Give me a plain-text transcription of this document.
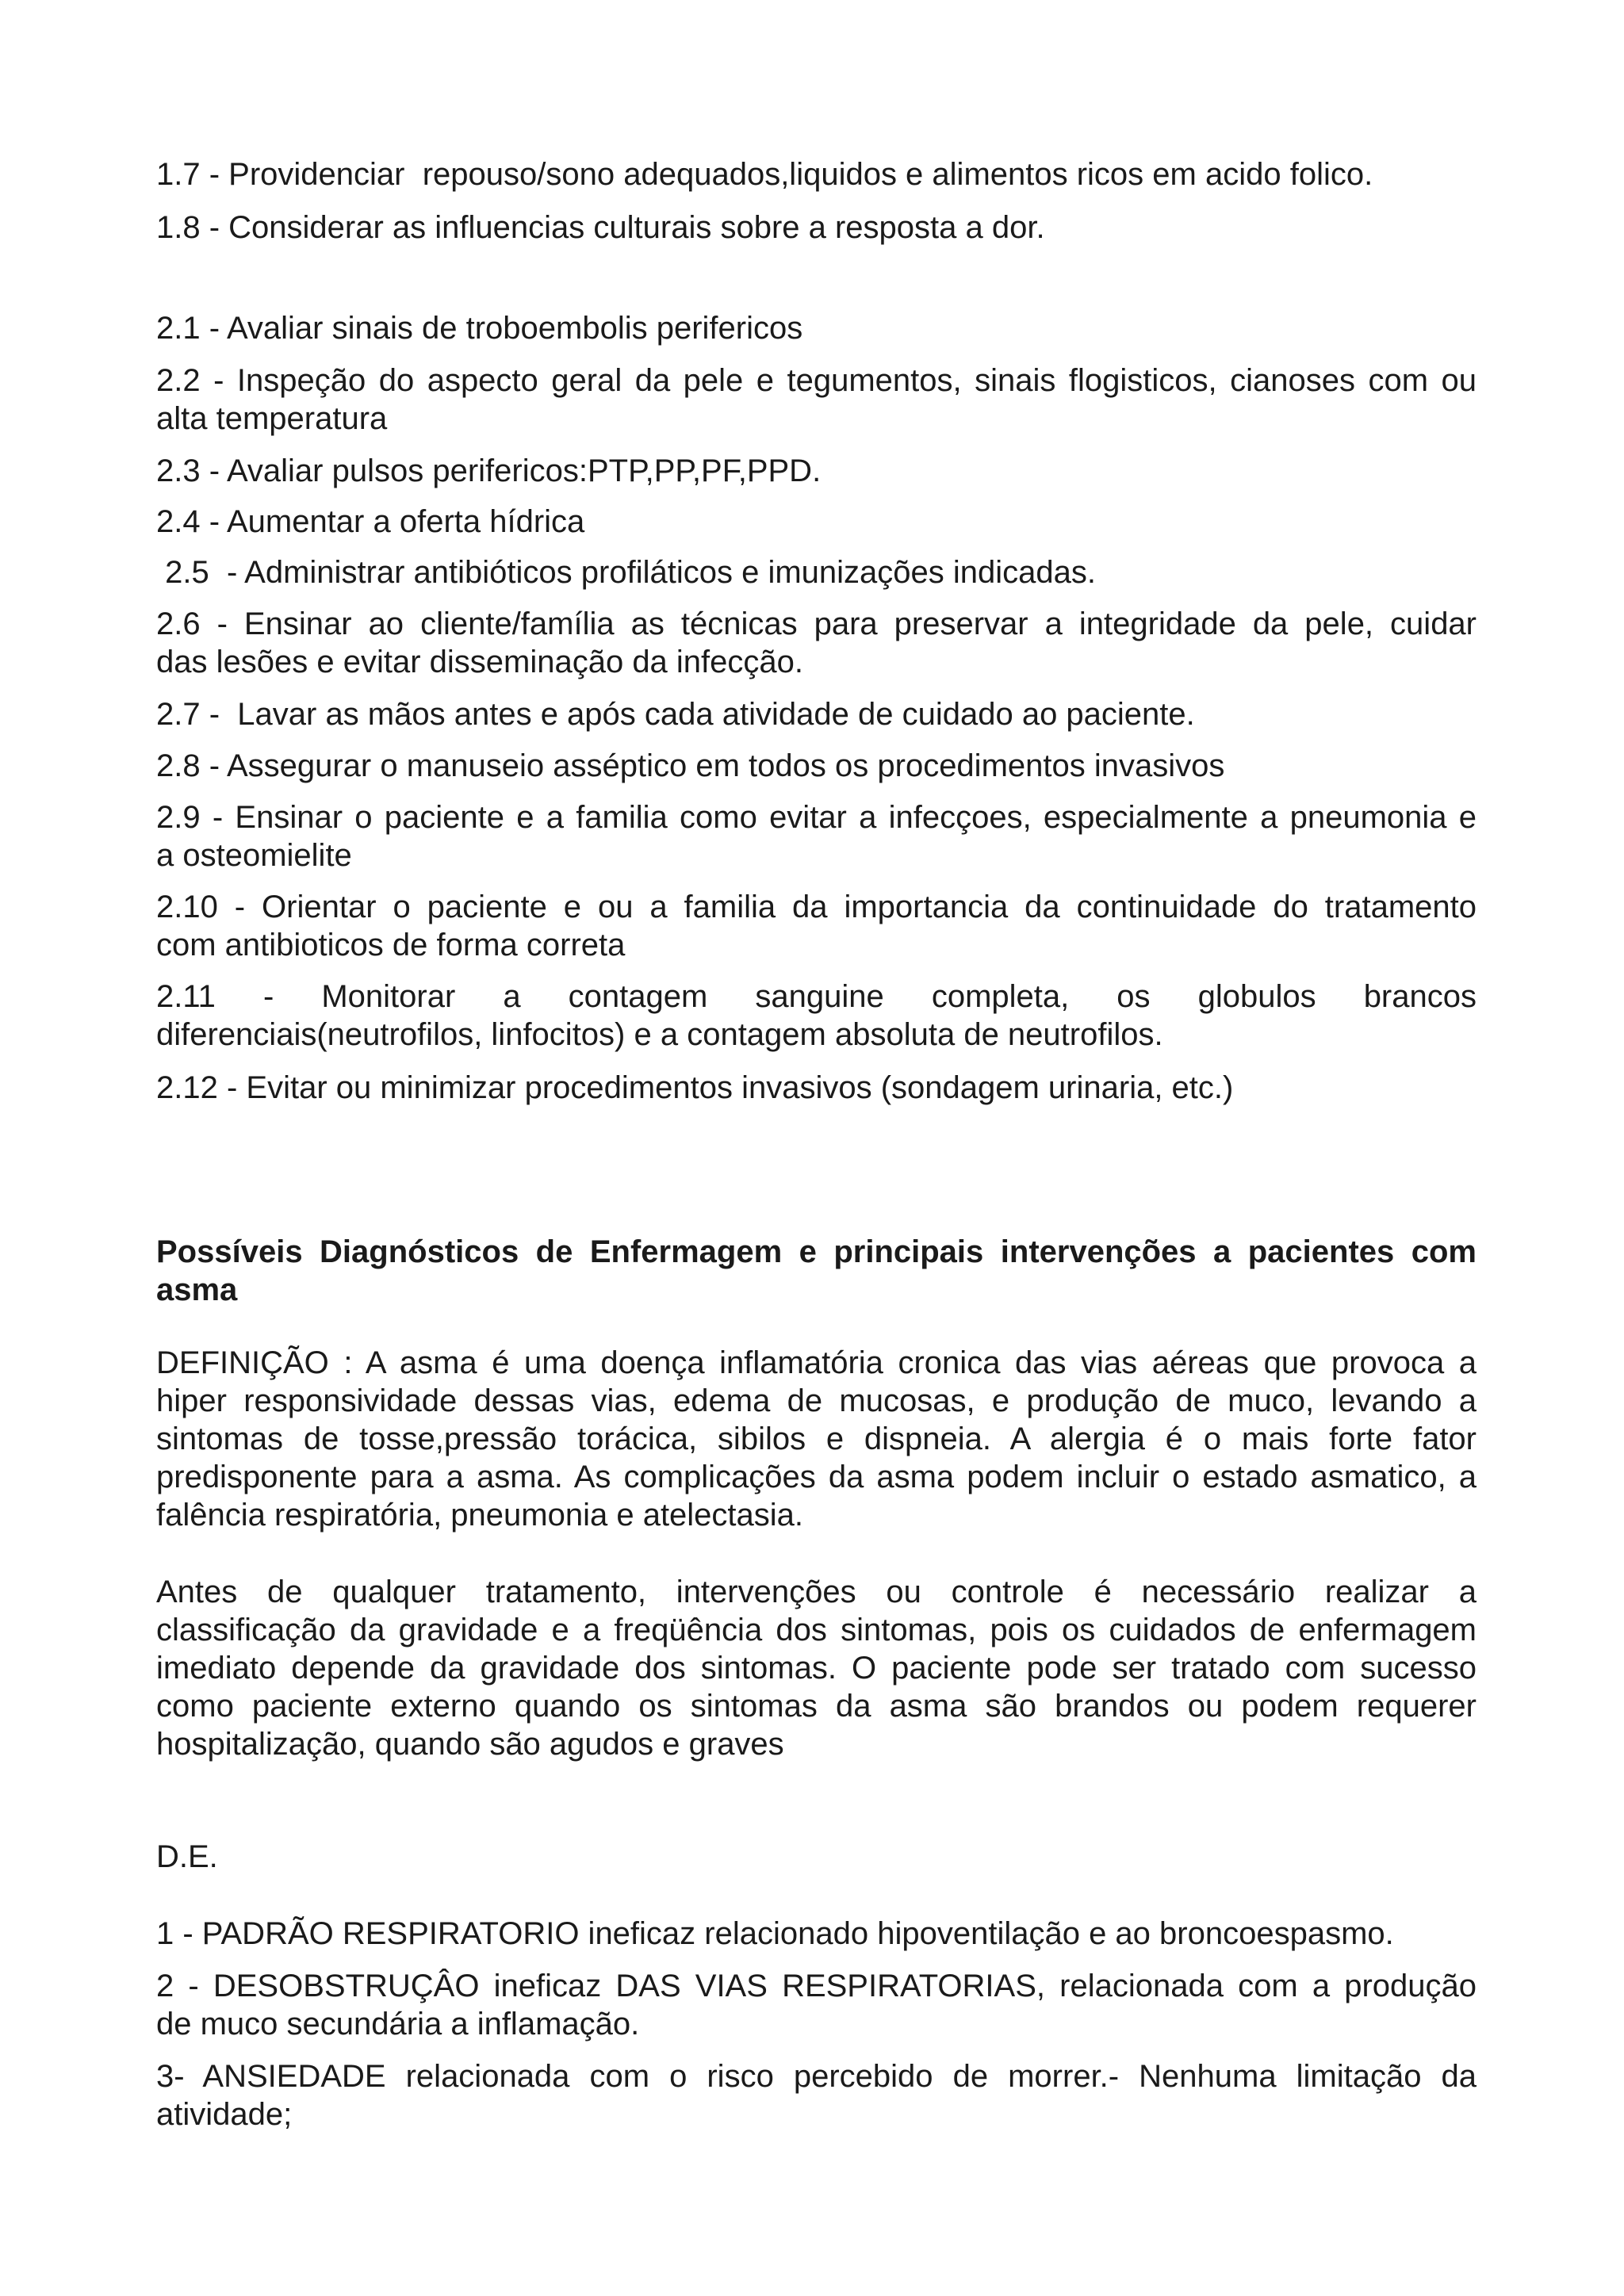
1.7 - Providenciar  repouso/sono adequados,liquidos e alimentos ricos em acido folico.

1.8 - Considerar as influencias culturais sobre a resposta a dor.

2.1 - Avaliar sinais de troboembolis perifericos

2.2 - Inspeção do aspecto geral da pele e tegumentos, sinais flogisticos, cianoses com ou

alta temperatura

2.3 - Avaliar pulsos perifericos:PTP,PP,PF,PPD.

2.4 - Aumentar a oferta hídrica

2.5  - Administrar antibióticos profiláticos e imunizações indicadas.

2.6 - Ensinar ao cliente/família as técnicas para preservar a integridade da pele, cuidar

das lesões e evitar disseminação da infecção.

2.7 -  Lavar as mãos antes e após cada atividade de cuidado ao paciente.

2.8 - Assegurar o manuseio asséptico em todos os procedimentos invasivos

2.9 - Ensinar o paciente e a familia como evitar a infecçoes, especialmente a pneumonia e

a osteomielite

2.10 - Orientar o paciente e ou a familia da importancia da continuidade do tratamento

com antibioticos de forma correta

2.11 - Monitorar a contagem sanguine completa, os globulos brancos

diferenciais(neutrofilos, linfocitos) e a contagem absoluta de neutrofilos.

2.12 - Evitar ou minimizar procedimentos invasivos (sondagem urinaria, etc.)

Possíveis Diagnósticos de Enfermagem e principais intervenções a pacientes com

asma

DEFINIÇÃO : A asma é uma doença inflamatória cronica das vias aéreas que provoca a

hiper responsividade dessas vias, edema de mucosas, e produção de muco, levando a

sintomas de tosse,pressão torácica, sibilos e dispneia. A alergia é o mais forte fator

predisponente para a asma. As complicações da asma podem incluir o estado asmatico, a

falência respiratória, pneumonia e atelectasia.

Antes de qualquer tratamento, intervenções ou controle é necessário realizar a

classificação da gravidade e a freqüência dos sintomas, pois os cuidados de enfermagem

imediato depende da gravidade dos sintomas. O paciente pode ser tratado com sucesso

como paciente externo quando os sintomas da asma são brandos ou podem requerer

hospitalização, quando são agudos e graves

D.E.

1 - PADRÃO RESPIRATORIO ineficaz relacionado hipoventilação e ao broncoespasmo.

2 - DESOBSTRUÇÂO ineficaz DAS VIAS RESPIRATORIAS, relacionada com a produção

de muco secundária a inflamação.

3- ANSIEDADE relacionada com o risco percebido de morrer.- Nenhuma limitação da

atividade;
